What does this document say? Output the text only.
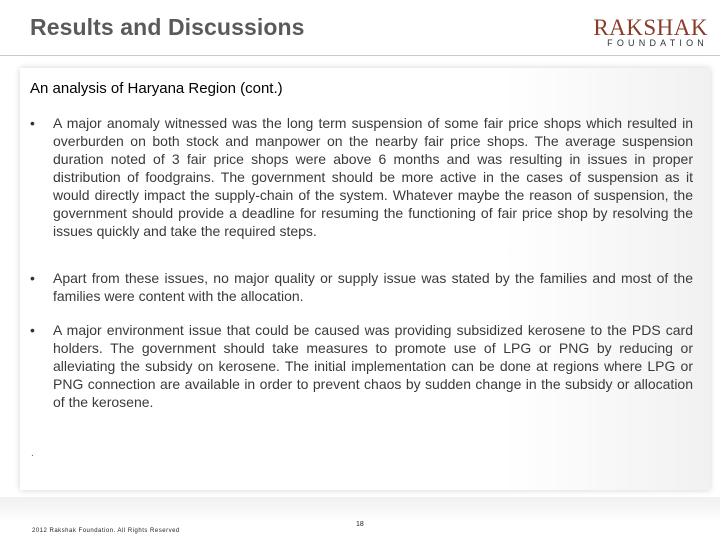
Results and Discussions	RAKSHAK
FOUNDATION
An analysis of Haryana Region (cont.)
• A major anomaly witnessed was the long term suspension of some fair price shops which resulted in overburden on both stock and manpower on the nearby fair price shops. The average suspension duration noted of 3 fair price shops were above 6 months and was resulting in issues in proper distribution of foodgrains. The government should be more active in the cases of suspension as it would directly impact the supply-chain of the system. Whatever maybe the reason of suspension, the government should provide a deadline for resuming the functioning of fair price shop by resolving the issues quickly and take the required steps.
• Apart from these issues, no major quality or supply issue was stated by the families and most of the families were content with the allocation.
• A major environment issue that could be caused was providing subsidized kerosene to the PDS card holders. The government should take measures to promote use of LPG or PNG by reducing or alleviating the subsidy on kerosene. The initial implementation can be done at regions where LPG or PNG connection are available in order to prevent chaos by sudden change in the subsidy or allocation of the kerosene.
.
18
2012 Rakshak Foundation. All Rights Reserved
